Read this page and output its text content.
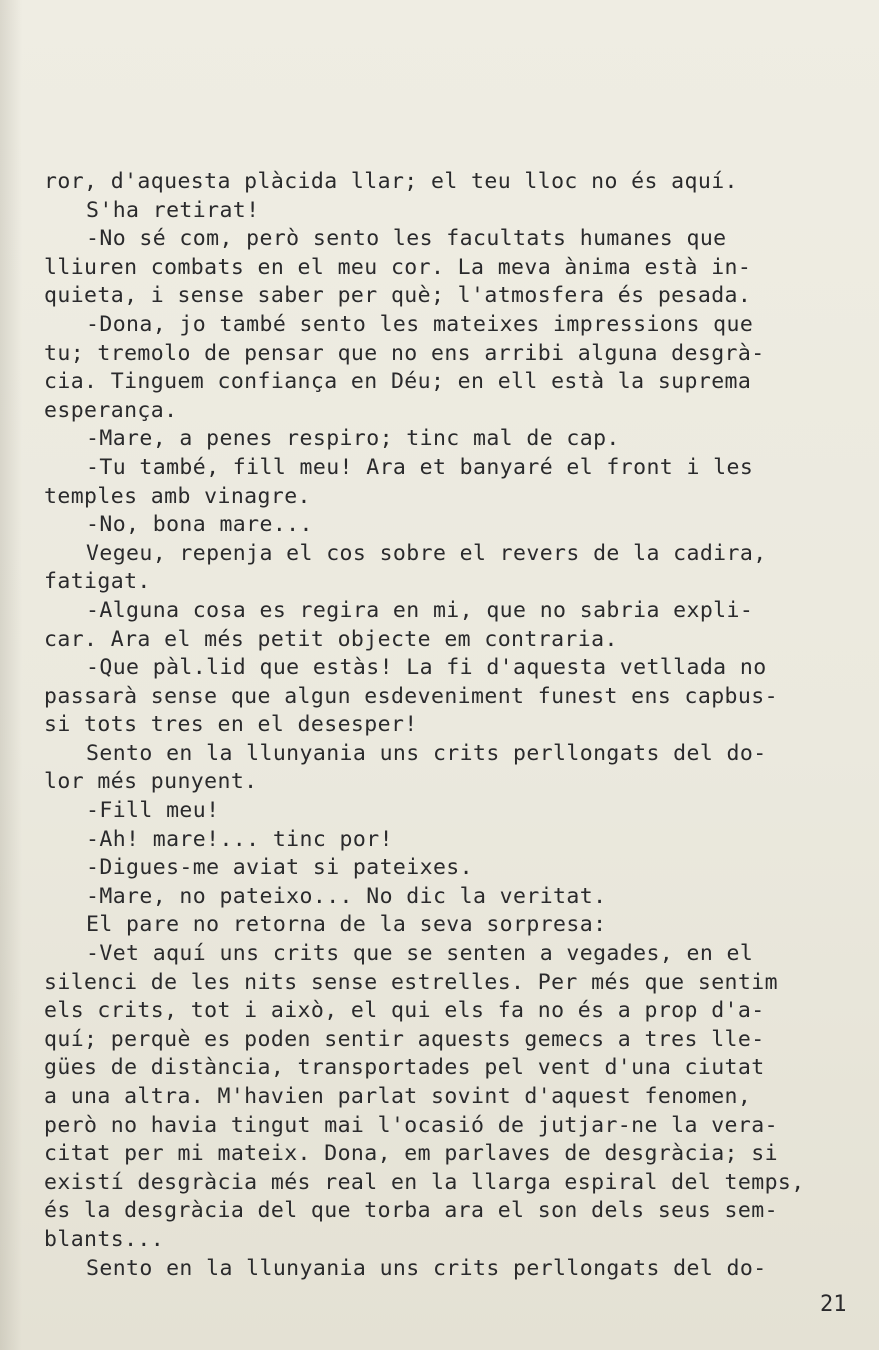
ror, d'aquesta plàcida llar; el teu lloc no és aquí.
S'ha retirat!
-No sé com, però sento les facultats humanes que
lliuren combats en el meu cor. La meva ànima està in-
quieta, i sense saber per què; l'atmosfera és pesada.
-Dona, jo també sento les mateixes impressions que
tu; tremolo de pensar que no ens arribi alguna desgrà-
cia. Tinguem confiança en Déu; en ell està la suprema
esperança.
-Mare, a penes respiro; tinc mal de cap.
-Tu també, fill meu! Ara et banyaré el front i les
temples amb vinagre.
-No, bona mare...
Vegeu, repenja el cos sobre el revers de la cadira,
fatigat.
-Alguna cosa es regira en mi, que no sabria expli-
car. Ara el més petit objecte em contraria.
-Que pàl.lid que estàs! La fi d'aquesta vetllada no
passarà sense que algun esdeveniment funest ens capbus-
si tots tres en el desesper!
Sento en la llunyania uns crits perllongats del do-
lor més punyent.
-Fill meu!
-Ah! mare!... tinc por!
-Digues-me aviat si pateixes.
-Mare, no pateixo... No dic la veritat.
El pare no retorna de la seva sorpresa:
-Vet aquí uns crits que se senten a vegades, en el
silenci de les nits sense estrelles. Per més que sentim
els crits, tot i això, el qui els fa no és a prop d'a-
quí; perquè es poden sentir aquests gemecs a tres lle-
gües de distància, transportades pel vent d'una ciutat
a una altra. M'havien parlat sovint d'aquest fenomen,
però no havia tingut mai l'ocasió de jutjar-ne la vera-
citat per mi mateix. Dona, em parlaves de desgràcia; si
existí desgràcia més real en la llarga espiral del temps,
és la desgràcia del que torba ara el son dels seus sem-
blants...
Sento en la llunyania uns crits perllongats del do-
21
